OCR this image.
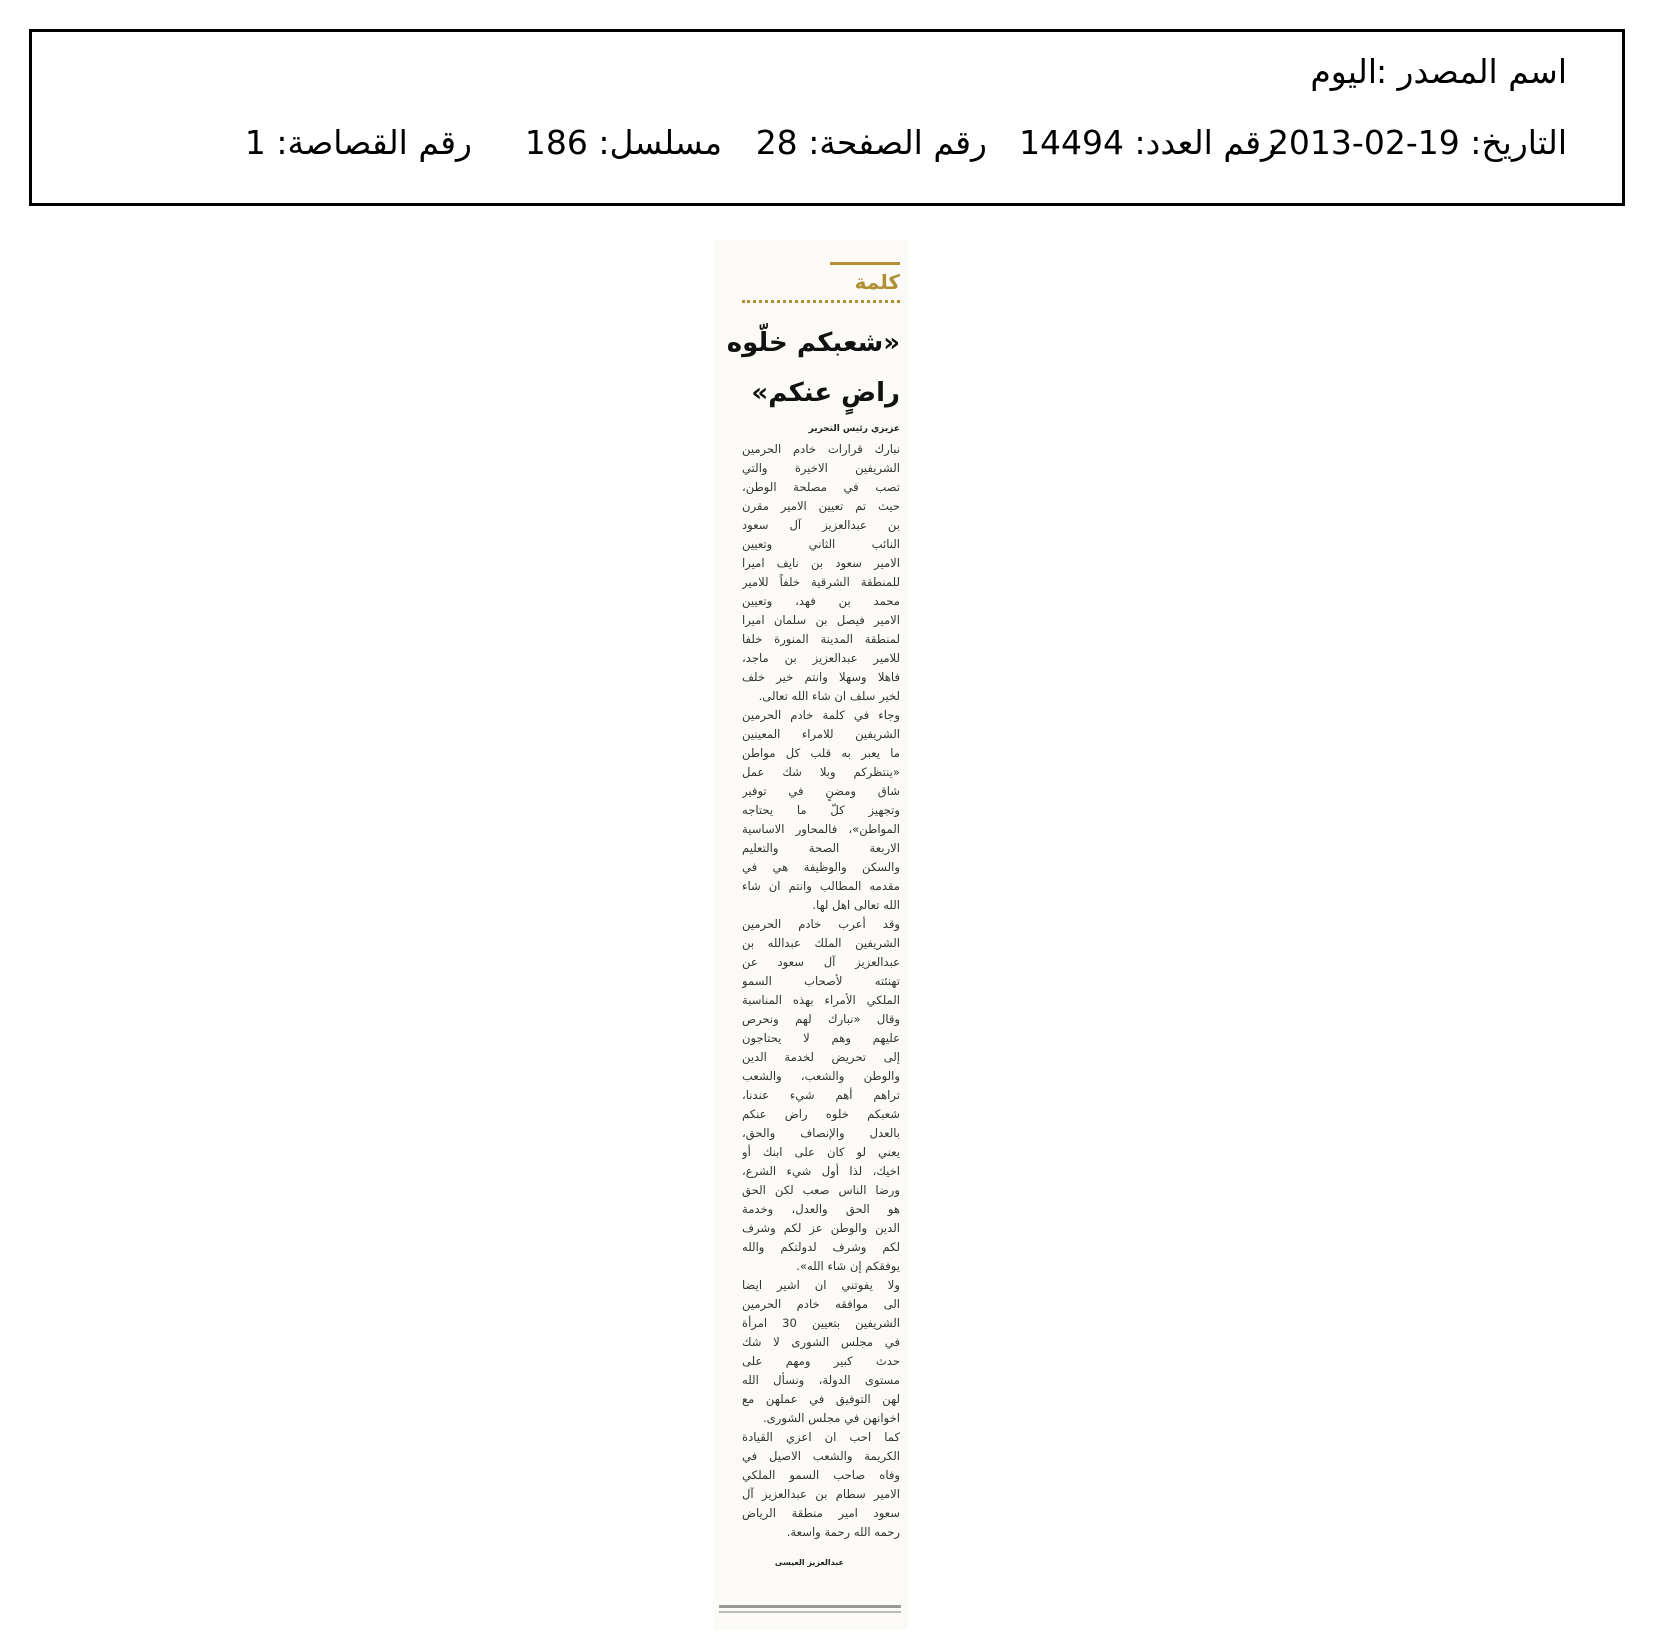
اسم المصدر :
اليوم
التاريخ: 2013-02-19
رقم العدد: 14494
رقم الصفحة: 28
مسلسل: 186
رقم القصاصة: 1
كلمة
«شعبكم خلّوه
راضٍ عنكم»
عزيزي رئيس التحرير
نبارك قرارات خادم الحرمين
الشريفين الاخيرة والتي
تصب في مصلحة الوطن،
حيث تم تعيين الامير مقرن
بن عبدالعزيز آل سعود
النائب الثاني وتعيين
الامير سعود بن نايف اميرا
للمنطقة الشرقية خلفاً للامير
محمد بن فهد، وتعيين
الامير فيصل بن سلمان اميرا
لمنطقة المدينة المنورة خلفا
للامير عبدالعزيز بن ماجد،
فاهلا وسهلا وانتم خير خلف
لخير سلف ان شاء الله تعالى.
وجاء في كلمة خادم الحرمين
الشريفين للامراء المعينين
ما يعبر به قلب كل مواطن
«ينتظركم وبلا شك عمل
شاق ومضنٍ في توفير
وتجهيز كلّ ما يحتاجه
المواطن»، فالمحاور الاساسية
الاربعة الصحة والتعليم
والسكن والوظيفة هي في
مقدمه المطالب وانتم ان شاء
الله تعالى اهل لها.
وقد أعرب خادم الحرمين
الشريفين الملك عبدالله بن
عبدالعزيز آل سعود عن
تهنئته لأصحاب السمو
الملكي الأمراء بهذه المناسبة
وقال «نبارك لهم ونحرص
عليهم وهم لا يحتاجون
إلى تحريض لخدمة الدين
والوطن والشعب، والشعب
تراهم أهم شيء عندنا،
شعبكم خلوه راض عنكم
بالعدل والإنصاف والحق،
يعني لو كان على ابنك أو
اخيك، لذا أول شيء الشرع،
ورضا الناس صعب لكن الحق
هو الحق والعدل، وخدمة
الدين والوطن عز لكم وشرف
لكم وشرف لدولتكم والله
يوفقكم إن شاء الله».
ولا يفوتني ان اشير ايضا
الى موافقه خادم الحرمين
الشريفين بتعيين 30 امرأة
في مجلس الشورى لا شك
حدث كبير ومهم على
مستوى الدولة، ونسأل الله
لهن التوفيق في عملهن مع
اخوانهن في مجلس الشورى.
كما احب ان اعزي القيادة
الكريمة والشعب الاصيل في
وفاه صاحب السمو الملكي
الامير سطام بن عبدالعزيز آل
سعود امير منطقة الرياض
رحمه الله رحمة واسعة.
عبدالعزيز العيسى
